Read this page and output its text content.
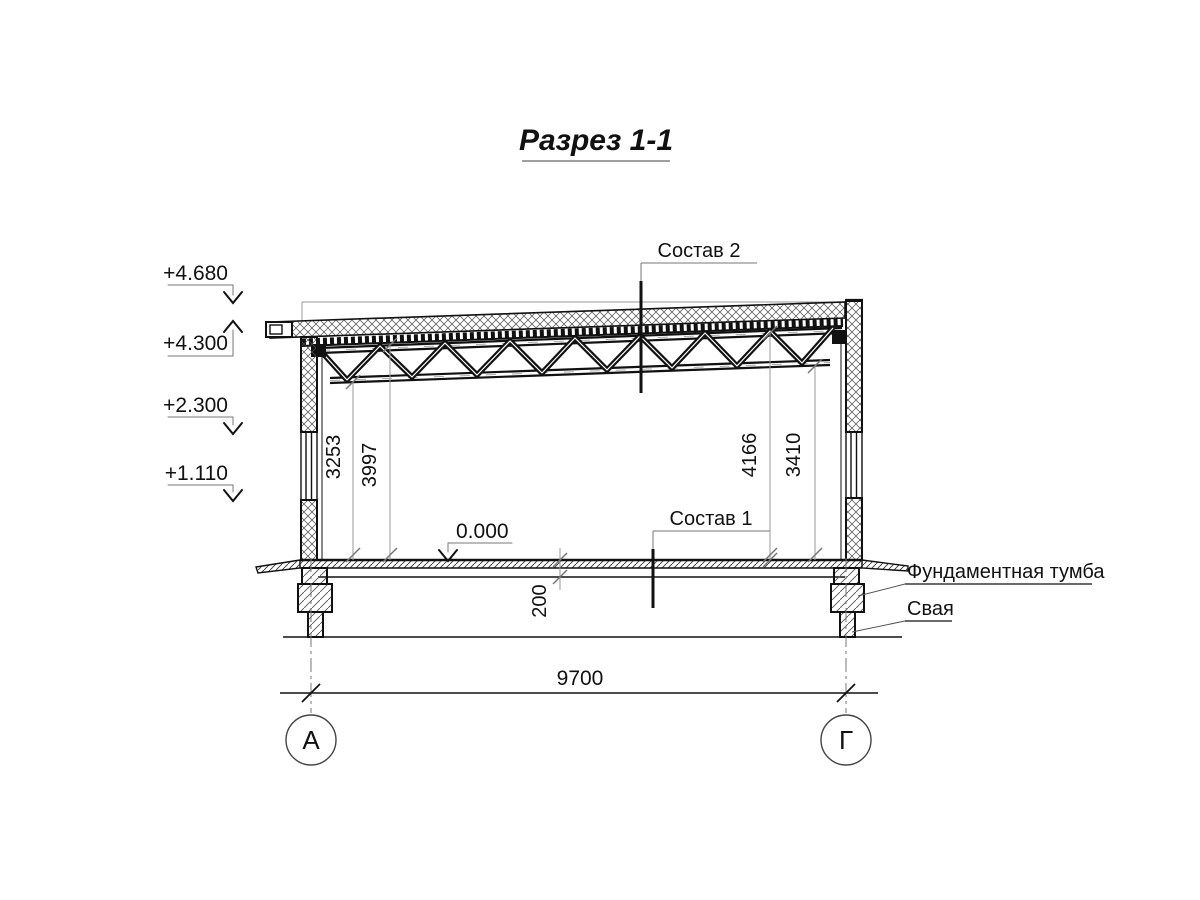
Разрез 1-1
+4.680
+4.300
+2.300
+1.110
0.000
200
3253 3997	4166 3410
Состав 2
Состав 1
Фундаментная тумба
Свая
9700
А	Г
